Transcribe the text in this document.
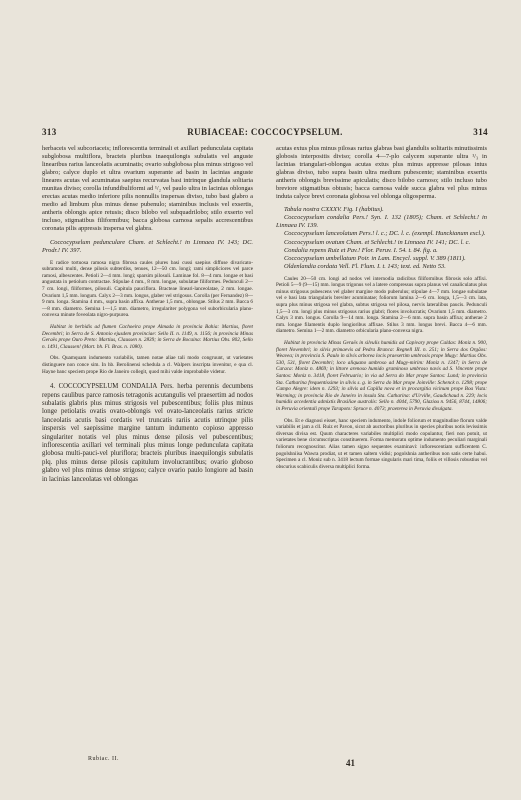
313	RUBIACEAE: COCCOCYPSELUM.	314

herbaceis vel subcoriaceis; inflorescentia terminali et axillari pedunculata capitata subglobosa multiflora, bracteis pluribus inaequilongis subulatis vel anguste linearibus rarius lanceolatis acuminatis; ovario subglobosa plus minus strigoso vel glabro; calyce duplo et ultra ovarium superante ad basin in lacinias anguste lineares acutas vel acuminatas saepius recurvatas basi intrinque glandula solitaria munitas diviso; corolla infundibuliformi ad ¹/₂ vel paulo ultra in lacinias oblongas erectas acutas medio inferiore pilis nonnullis inspersas diviso, tubo basi glabro a medio ad limbum plus minus dense pubenulo; staminibus inclusis vel exsertis, antheris oblongis apice retusis; disco bilobo vel subquadrilobo; stilo exserto vel incluso, stigmatibus filiformibus; bacca globosa carnosa sepalis accrescentibus coronata pilis appressis inspersa vel glabra.

Coccocypselum pedunculare Cham. et Schlecht.! in Linnaea IV. 143; DC. Prodr.! IV. 397.

E radice tortuosa ramosa nigra fibrosa caules plures basi cussi saepius diffuse divaricato-subramosi multi, dense pilosis subterdiss, tenues, 12—50 cm. longi; rami simpliciores vel parce ramosi, albescentes. Petioli 2—4 mm. longi; sparsim pilosuli. Laminae fol. 8—4 mm. longae et basi angustata in petiolum contractae. Stipulae 4 mm., 8 mm. longae, subulatae filiformes. Pedunculi 2—7 cm. longi, filiformes, pilosuli. Capitula pauciflora. Bracteae lineari-lanceolatae, 2 mm. longae. Ovarium 1,5 mm. longum. Calyx 2—3 mm. longus, glaber vel strigosus. Corolla (per Fernandez) 8—9 mm. longa. Stamina 4 mm., supra basin affixa. Antherae 1,5 mm., oblongae. Stilus 2 mm. Bacca 6—8 mm. diametro. Semina 1—1,5 mm. diametro, irregulariter polygona vel suborbicularia plano-convexa minute foveolata nigro-purpurea.

Habitat in herbidis ad flumen Cachoeira prope Almada in provincia Bahia: Martius, floret Decembri; in Serra de S. Antonio ejusdem provinciae: Sello II. n. 1149, n. 1156; in provincia Minas Geraës prope Ouro Preto: Martius, Claussen n. 2839; in Serra de Bocaina: Martius Obs. 802, Sello n. 1491, Claussen! (Mart. bh. Fl. Bras. n. 1080).

Obs. Quamquam indumento variabilis, tamen notae aliae tali modo congruunt, ut varietates distinguere non conce sim. In hb. Berolinensi schedula a cl. Walpers inscripta invenitur, e qua cl. Hayne banc speciem prope Rio de Janeiro collegit, quod mihi valde improbabile videtur.

4. COCCOCYPSELUM CONDALIA Pers. herba perennis decumbens repens caulibus parce ramosis tetragonis acutangulis vel praesertim ad nodos subalatis glabris plus minus strigosis vel pubescentibus; foliis plus minus longe petiolatis ovatis ovato-oblongis vel ovato-lanceolatis rarius stricte lanceolatis acutis basi cordatis vel truncatis rariis acutis utrinque pilis inspersis vel saepissime margine tantum indumento copioso appresso singulariter notatis vel plus minus dense pilosis vel pubescentibus; inflorescentia axillari vel terminali plus minus longe pedunculata capitata globosa multi-pauci-vel pluriflora; bracteis pluribus inaequilongis subulatis plq. plus minus dense pilosis capitulum involucrantibus; ovario globoso glabro vel plus minus dense strigoso; calyce ovario paulo longiore ad basin in lacinias lanceolatas vel oblongas

acutas extus plus minus pilosas rarius glabras basi glandulis solitariis minutissimis globosis interpositis diviso; corolla 4—7-plo calycem superante ultra ¹/₃ in lacinias triangulari-oblongas acutas extus plus minus appresse pilosas intus glabras diviso, tubo supra basin ultra medium pubescente; staminibus exsertis antheris oblongis brevissime apiculatis; disco bilobo carnoso; stilo incluso tubo breviore stigmatibus obtusis; bacca carnosa valde succa glabra vel plus minus induta calyce brevi coronata globosa vel oblonga oligosperma.

Tabula nostra CXXXV. Fig. I (habitus).

Coccocypselum condalia Pers.! Syn. I. 132 (1805); Cham. et Schlecht.! in Linnaea IV. 139.

Coccocypselum lanceolatum Pers.! l. c.; DC. l. c. (exempl. Hunckianum excl.).

Coccocypselum ovatum Cham. et Schlecht.! in Linnaea IV. 141; DC. l. c.

Condalia repens Ruiz et Pav.! Flor. Peruv. I. 54. t. 84. fig. a.

Coccocypselum umbellatum Poir. in Lam. Encycl. suppl. V. 389 (1811).

Oldenlandia cordata Vell. Fl. Flum. I. t. 143; text. ed. Netto 53.

Caules 20—50 cm. longi ad nodos vel internodia radicibus filiformibus fibrosis solo affixi. Petioli 5—9 (9—15) mm. longus trigonus vel a latere compressus supra planus vel canaliculatus plus minus strigosus pubescens vel glaber margine modo puberulus; stipulae 4—7 mm. longae subulatae vel e basi lata triangularis breviter acuminatae; foliorum lamina 2—6 cm. longa, 1,5—3 cm. lata, supra plus minus strigosa vel glabra, subtus strigosa vel pilosa, nervis lateralibus paucis. Pedunculi 1,5—3 cm. longi plus minus strigosus rarius glabri; flores involucratis; Ovarium 1,5 mm. diametro. Calyx 3 mm. longus. Corolla 9—14 mm. longa. Stamina 2—6 mm. supra basin affixa; antherae 2 mm. longae filamentis duplo longioribus affixae. Stilus 3 mm. longus brevi. Bacca 4—6 mm. diametro. Semina 1—2 mm. diametro orbicularia plano-convexa nigra.

Habitat in provincia Minas Geraës in silvulis humidis ad Capivary prope Caldas: Moniz n. 900, floret Novembri; in silvis primaevis ad Pedra Branca: Regnell III. n. 251; in Serra dos Orgãos: Weavea; in provincia S. Paulo in silvis arborea locis praesertim umbrosis prope Mugy: Martius Obs. 530, 531, floret Decembri; loco aliquano umbroso ad Mugy-mirim: Moniz n. 1347; in Serra de Caraca: Moniz n. 4869; in littore arenoso humido graminoso umbroso navis ad S. Vincente prope Santos: Moniz n. 3418, floret Februario; in via ad Serra do Mar prope Santos: Lund; in provincia Sta. Catharina frequentissime in silvis s. g. in Serra do Mar prope Joinville: Schenck n. 1298; prope Campo Alegre: idem n. 1293; in silvis ad Capilla nova et in procargitia vicinum prope Boa Vista: Warming; in provincia Rio de Janeiro in insula Sta. Catharina: d'Urville, Gaudichaud n. 229; locis humidis accedentia admixtis Brasiliae australis: Sello n. 4044, 5790, Glaziou n. 9456, 8744, 14806; in Peruvia orientali prope Tarapoto: Spruce n. 4073; praeterea in Peruvia divulgata.

Obs. Et e diagnosi eisset, hanc speciem indumento, indole foliorum et magnitudine florum valde variabilis et jam a cll. Ruiz et Pavon, sicut ab auctoribus pluribus in species pluribus notis levissimis diversas divisa est. Quum characteres variabiles multiplici modo copulantur, fieri non potuit, ut varietates bene circumscriptas constituerem. Forma memoratu optime indumento peculiari marginali foliorum recognoscitur. Alias tamen signo sequentes examinavi: inflorescentiam sufficentem C. pogolshniisa Wawra prodiat, ut et tamen saltem vidisi; pogolshnia antheribus non satis certe habui. Specimen a cl. Moniz sub n. 3418 lectum formae singularis mari tima, foliis et villosis robustius vel obscurius scabiculis diversa multiplici forma.

Rubiac. II.	41
